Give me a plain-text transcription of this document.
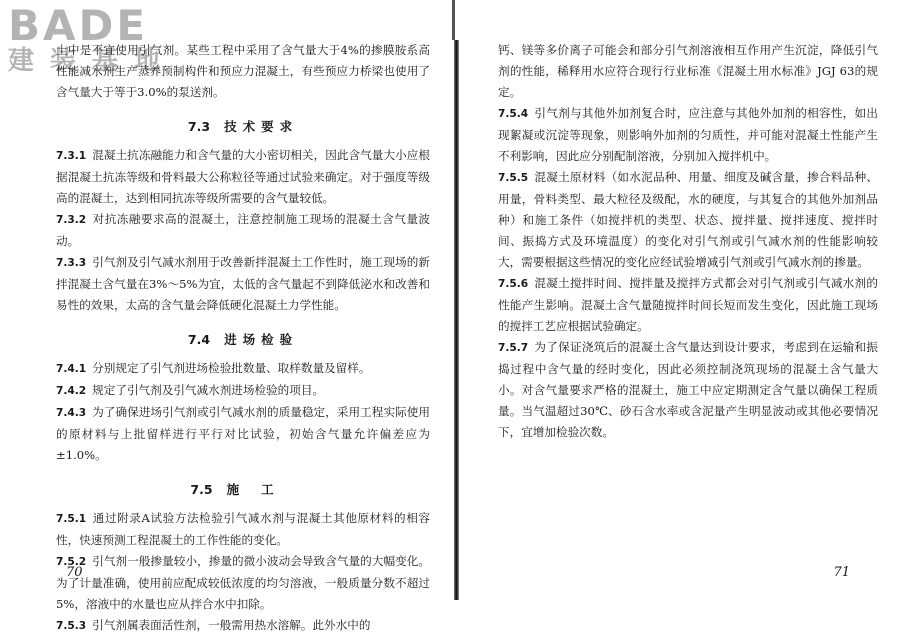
BADE
建装基地

土中是不宜使用引气剂。某些工程中采用了含气量大于4%的掺膜胺系高性能减水剂生产蒸养预制构件和预应力混凝土，有些预应力桥梁也使用了含气量大于等于3.0%的泵送剂。

7.3 技术要求

7.3.1 混凝土抗冻融能力和含气量的大小密切相关，因此含气量大小应根据混凝土抗冻等级和骨料最大公称粒径等通过试验来确定。对于强度等级高的混凝土，达到相同抗冻等级所需要的含气量较低。

7.3.2 对抗冻融要求高的混凝土，注意控制施工现场的混凝土含气量波动。

7.3.3 引气剂及引气减水剂用于改善新拌混凝土工作性时，施工现场的新拌混凝土含气量在3%～5%为宜，太低的含气量起不到降低泌水和改善和易性的效果，太高的含气量会降低硬化混凝土力学性能。

7.4 进场检验

7.4.1 分别规定了引气剂进场检验批数量、取样数量及留样。

7.4.2 规定了引气剂及引气减水剂进场检验的项目。

7.4.3 为了确保进场引气剂或引气减水剂的质量稳定，采用工程实际使用的原材料与上批留样进行平行对比试验，初始含气量允许偏差应为±1.0%。

7.5 施工

7.5.1 通过附录A试验方法检验引气减水剂与混凝土其他原材料的相容性，快速预测工程混凝土的工作性能的变化。

7.5.2 引气剂一般掺量较小，掺量的微小波动会导致含气量的大幅变化。为了计量准确，使用前应配成较低浓度的均匀溶液，一般质量分数不超过5%，溶液中的水量也应从拌合水中扣除。

7.5.3 引气剂属表面活性剂，一般需用热水溶解。此外水中的

70

钙、镁等多价离子可能会和部分引气剂溶液相互作用产生沉淀，降低引气剂的性能，稀释用水应符合现行行业标准《混凝土用水标准》JGJ 63的规定。

7.5.4 引气剂与其他外加剂复合时，应注意与其他外加剂的相容性，如出现絮凝或沉淀等现象，则影响外加剂的匀质性，并可能对混凝土性能产生不利影响，因此应分别配制溶液，分别加入搅拌机中。

7.5.5 混凝土原材料（如水泥品种、用量、细度及碱含量，掺合料品种、用量，骨料类型、最大粒径及级配，水的硬度，与其复合的其他外加剂品种）和施工条件（如搅拌机的类型、状态、搅拌量、搅拌速度、搅拌时间、振捣方式及环境温度）的变化对引气剂或引气减水剂的性能影响较大，需要根据这些情况的变化应经试验增减引气剂或引气减水剂的掺量。

7.5.6 混凝土搅拌时间、搅拌量及搅拌方式都会对引气剂或引气减水剂的性能产生影响。混凝土含气量随搅拌时间长短而发生变化，因此施工现场的搅拌工艺应根据试验确定。

7.5.7 为了保证浇筑后的混凝土含气量达到设计要求，考虑到在运输和振捣过程中含气量的经时变化，因此必须控制浇筑现场的混凝土含气量大小。对含气量要求严格的混凝土，施工中应定期测定含气量以确保工程质量。当气温超过30℃、砂石含水率或含泥量产生明显波动或其他必要情况下，宜增加检验次数。

71
